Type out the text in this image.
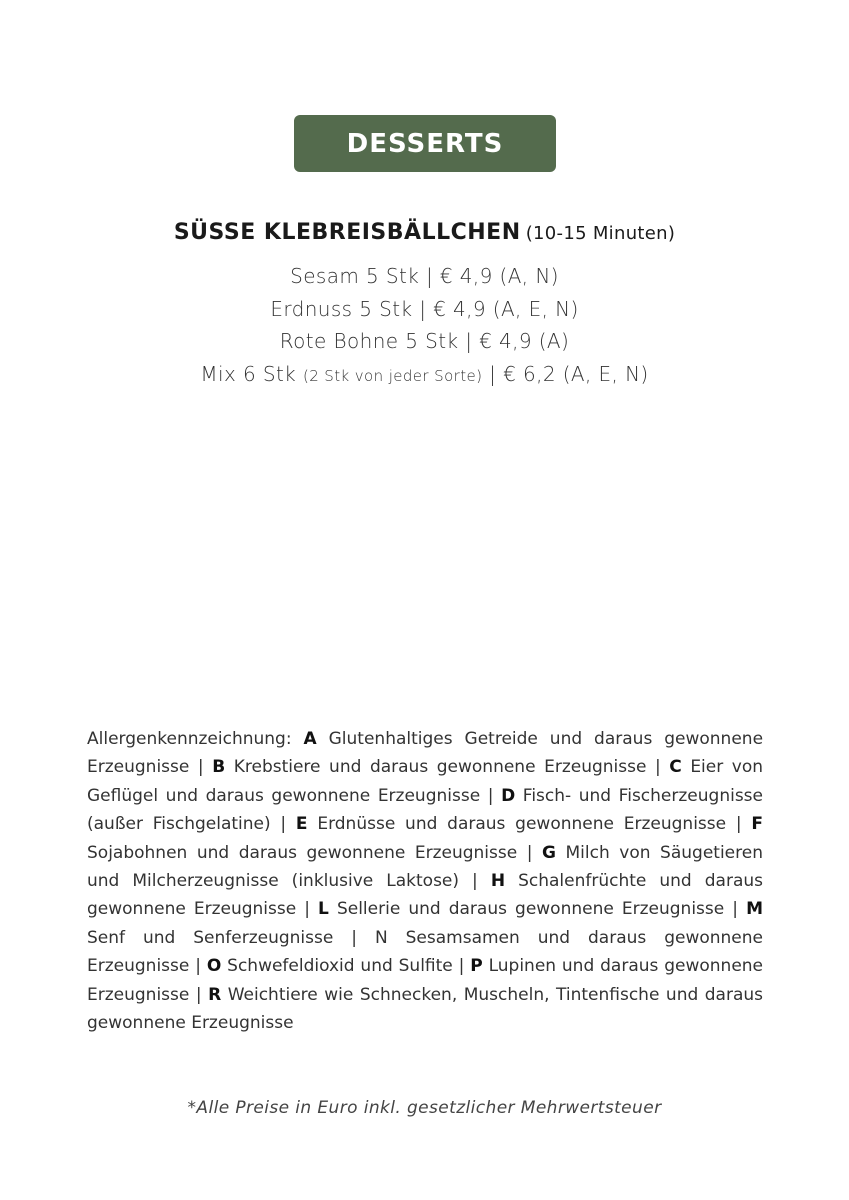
DESSERTS
SÜSSE KLEBREISBÄLLCHEN (10-15 Minuten)
Sesam 5 Stk | € 4,9 (A, N)
Erdnuss 5 Stk | € 4,9 (A, E, N)
Rote Bohne 5 Stk | € 4,9 (A)
Mix 6 Stk (2 Stk von jeder Sorte) | € 6,2 (A, E, N)
Allergenkennzeichnung: A Glutenhaltiges Getreide und daraus gewonnene Erzeugnisse | B Krebstiere und daraus gewonnene Erzeugnisse | C Eier von Geflügel und daraus gewonnene Erzeugnisse | D Fisch- und Fischerzeugnisse (außer Fischgelatine) | E Erdnüsse und daraus gewonnene Erzeugnisse | F Sojabohnen und daraus gewonnene Erzeugnisse | G Milch von Säugetieren und Milcherzeugnisse (inklusive Laktose) | H Schalenfrüchte und daraus gewonnene Erzeugnisse | L Sellerie und daraus gewonnene Erzeugnisse | M Senf und Senferzeugnisse | N Sesamsamen und daraus gewonnene Erzeugnisse | O Schwefeldioxid und Sulfite | P Lupinen und daraus gewonnene Erzeugnisse | R Weichtiere wie Schnecken, Muscheln, Tintenfische und daraus gewonnene Erzeugnisse
*Alle Preise in Euro inkl. gesetzlicher Mehrwertsteuer
